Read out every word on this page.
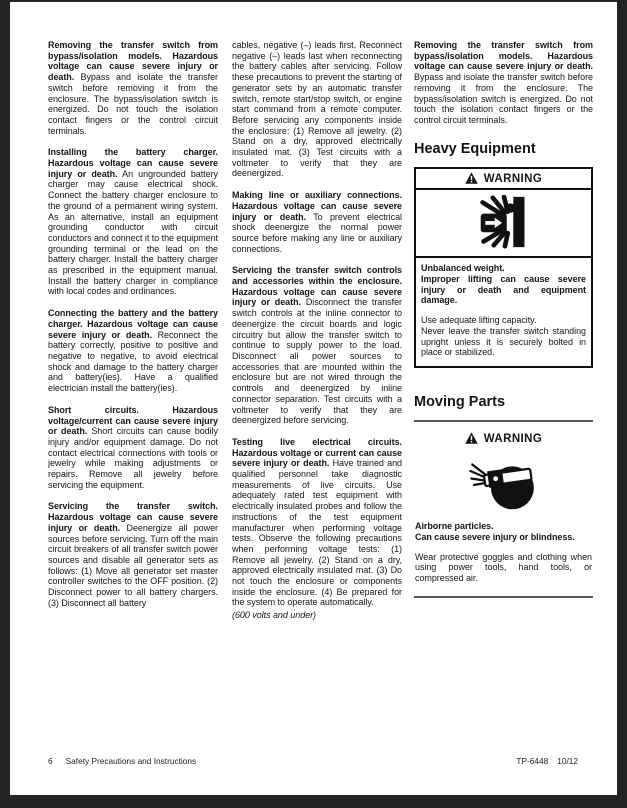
Removing the transfer switch from bypass/isolation models. Hazardous voltage can cause severe injury or death. Bypass and isolate the transfer switch before removing it from the enclosure. The bypass/isolation switch is energized. Do not touch the isolation contact fingers or the control circuit terminals.

Installing the battery charger. Hazardous voltage can cause severe injury or death. An ungrounded battery charger may cause electrical shock. Connect the battery charger enclosure to the ground of a permanent wiring system. As an alternative, install an equipment grounding conductor with circuit conductors and connect it to the equipment grounding terminal or the lead on the battery charger. Install the battery charger as prescribed in the equipment manual. Install the battery charger in compliance with local codes and ordinances.

Connecting the battery and the battery charger. Hazardous voltage can cause severe injury or death. Reconnect the battery correctly, positive to positive and negative to negative, to avoid electrical shock and damage to the battery charger and battery(ies). Have a qualified electrician install the battery(ies).

Short circuits. Hazardous voltage/current can cause severe injury or death. Short circuits can cause bodily injury and/or equipment damage. Do not contact electrical connections with tools or jewelry while making adjustments or repairs. Remove all jewelry before servicing the equipment.

Servicing the transfer switch. Hazardous voltage can cause severe injury or death. Deenergize all power sources before servicing. Turn off the main circuit breakers of all transfer switch power sources and disable all generator sets as follows: (1) Move all generator set master controller switches to the OFF position. (2) Disconnect power to all battery chargers. (3) Disconnect all battery

cables, negative (–) leads first. Reconnect negative (–) leads last when reconnecting the battery cables after servicing. Follow these precautions to prevent the starting of generator sets by an automatic transfer switch, remote start/stop switch, or engine start command from a remote computer. Before servicing any components inside the enclosure: (1) Remove all jewelry. (2) Stand on a dry, approved electrically insulated mat. (3) Test circuits with a voltmeter to verify that they are deenergized.

Making line or auxiliary connections. Hazardous voltage can cause severe injury or death. To prevent electrical shock deenergize the normal power source before making any line or auxiliary connections.

Servicing the transfer switch controls and accessories within the enclosure. Hazardous voltage can cause severe injury or death. Disconnect the transfer switch controls at the inline connector to deenergize the circuit boards and logic circuitry but allow the transfer switch to continue to supply power to the load. Disconnect all power sources to accessories that are mounted within the enclosure but are not wired through the controls and deenergized by inline connector separation. Test circuits with a voltmeter to verify that they are deenergized before servicing.

Testing live electrical circuits. Hazardous voltage or current can cause severe injury or death. Have trained and qualified personnel take diagnostic measurements of live circuits. Use adequately rated test equipment with electrically insulated probes and follow the instructions of the test equipment manufacturer when performing voltage tests. Observe the following precautions when performing voltage tests: (1) Remove all jewelry. (2) Stand on a dry, approved electrically insulated mat. (3) Do not touch the enclosure or components inside the enclosure. (4) Be prepared for the system to operate automatically.

(600 volts and under)

Removing the transfer switch from bypass/isolation models. Hazardous voltage can cause severe injury or death. Bypass and isolate the transfer switch before removing it from the enclosure. The bypass/isolation switch is energized. Do not touch the isolation contact fingers or the control circuit terminals.

Heavy Equipment
WARNING
Unbalanced weight.
Improper lifting can cause severe injury or death and equipment damage.
Use adequate lifting capacity.
Never leave the transfer switch standing upright unless it is securely bolted in place or stabilized.
Moving Parts
WARNING
Airborne particles.
Can cause severe injury or blindness.
Wear protective goggles and clothing when using power tools, hand tools, or compressed air.
6 Safety Precautions and Instructions	TP-6448 10/12
